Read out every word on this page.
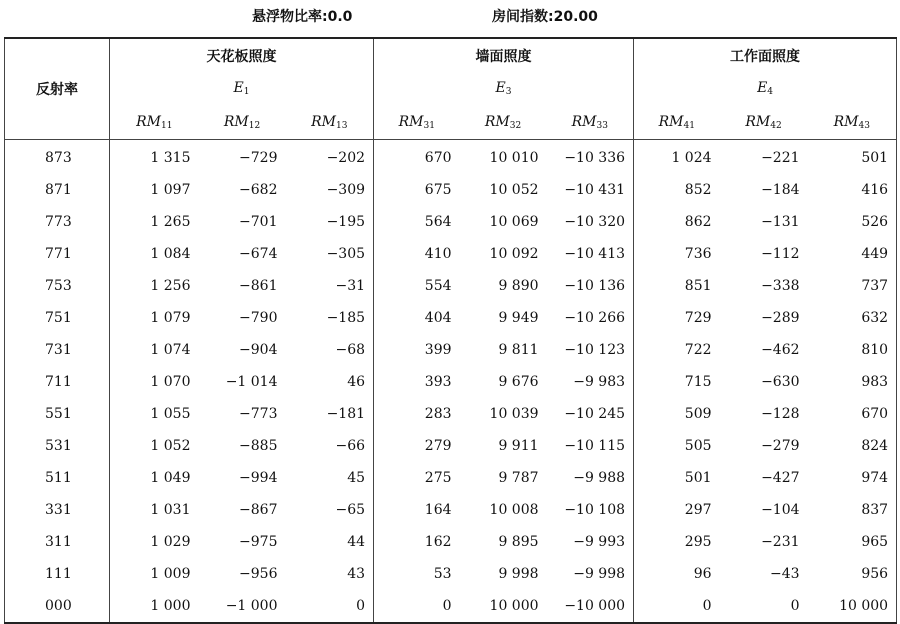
悬浮物比率:0.0	房间指数:20.00
反射率	天花板照度			墙面照度			工作面照度		
	$E_1$			$E_3$			$E_4$
	$RM_{11}$	$RM_{12}$	$RM_{13}$	$RM_{31}$	$RM_{32}$	$RM_{33}$	$RM_{41}$	$RM_{42}$	$RM_{43}$
873	1 315	−729	−202	670	10 010	−10 336	1 024	−221	501
871	1 097	−682	−309	675	10 052	−10 431	852	−184	416
773	1 265	−701	−195	564	10 069	−10 320	862	−131	526
771	1 084	−674	−305	410	10 092	−10 413	736	−112	449
753	1 256	−861	−31	554	9 890	−10 136	851	−338	737
751	1 079	−790	−185	404	9 949	−10 266	729	−289	632
731	1 074	−904	−68	399	9 811	−10 123	722	−462	810
711	1 070	−1 014	46	393	9 676	−9 983	715	−630	983
551	1 055	−773	−181	283	10 039	−10 245	509	−128	670
531	1 052	−885	−66	279	9 911	−10 115	505	−279	824
511	1 049	−994	45	275	9 787	−9 988	501	−427	974
331	1 031	−867	−65	164	10 008	−10 108	297	−104	837
311	1 029	−975	44	162	9 895	−9 993	295	−231	965
111	1 009	−956	43	53	9 998	−9 998	96	−43	956
000	1 000	−1 000	0	0	10 000	−10 000	0	0	10 000
